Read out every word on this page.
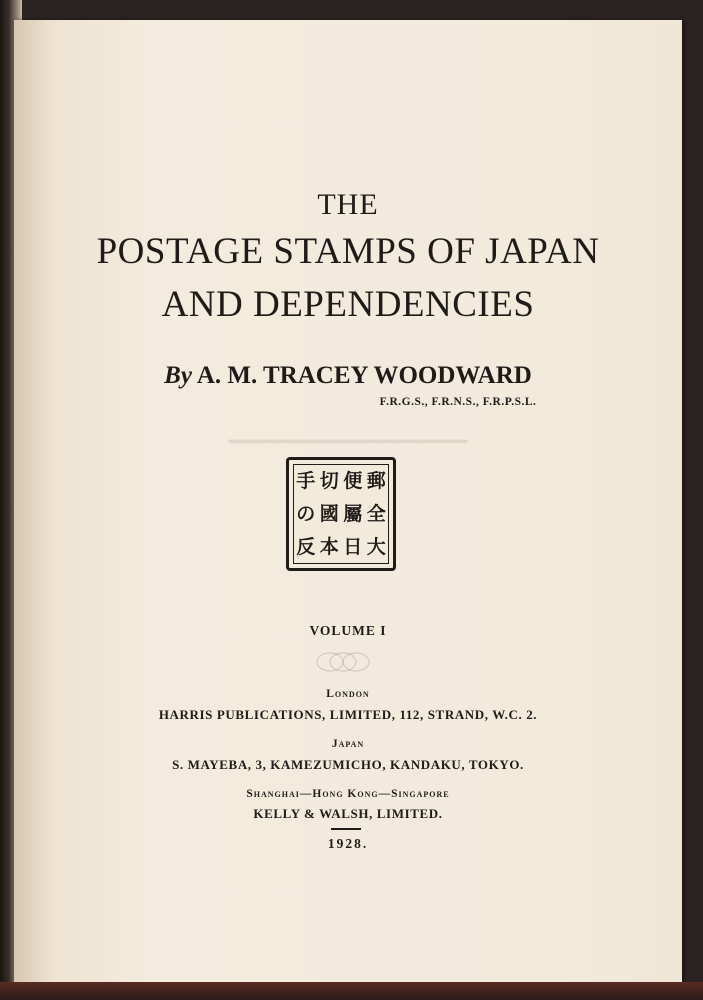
━━━━━━━━━━━━━━━━━━
THE
POSTAGE STAMPS OF JAPAN
AND DEPENDENCIES
By A. M. TRACEY WOODWARD
F.R.G.S., F.R.N.S., F.R.P.S.L.
手 切 便 郵
の 國 屬 全
反 本 日 大
VOLUME I
London
HARRIS PUBLICATIONS, LIMITED, 112, STRAND, W.C. 2.
Japan
S. MAYEBA, 3, KAMEZUMICHO, KANDAKU, TOKYO.
Shanghai—Hong Kong—Singapore
KELLY & WALSH, LIMITED.
1928.
